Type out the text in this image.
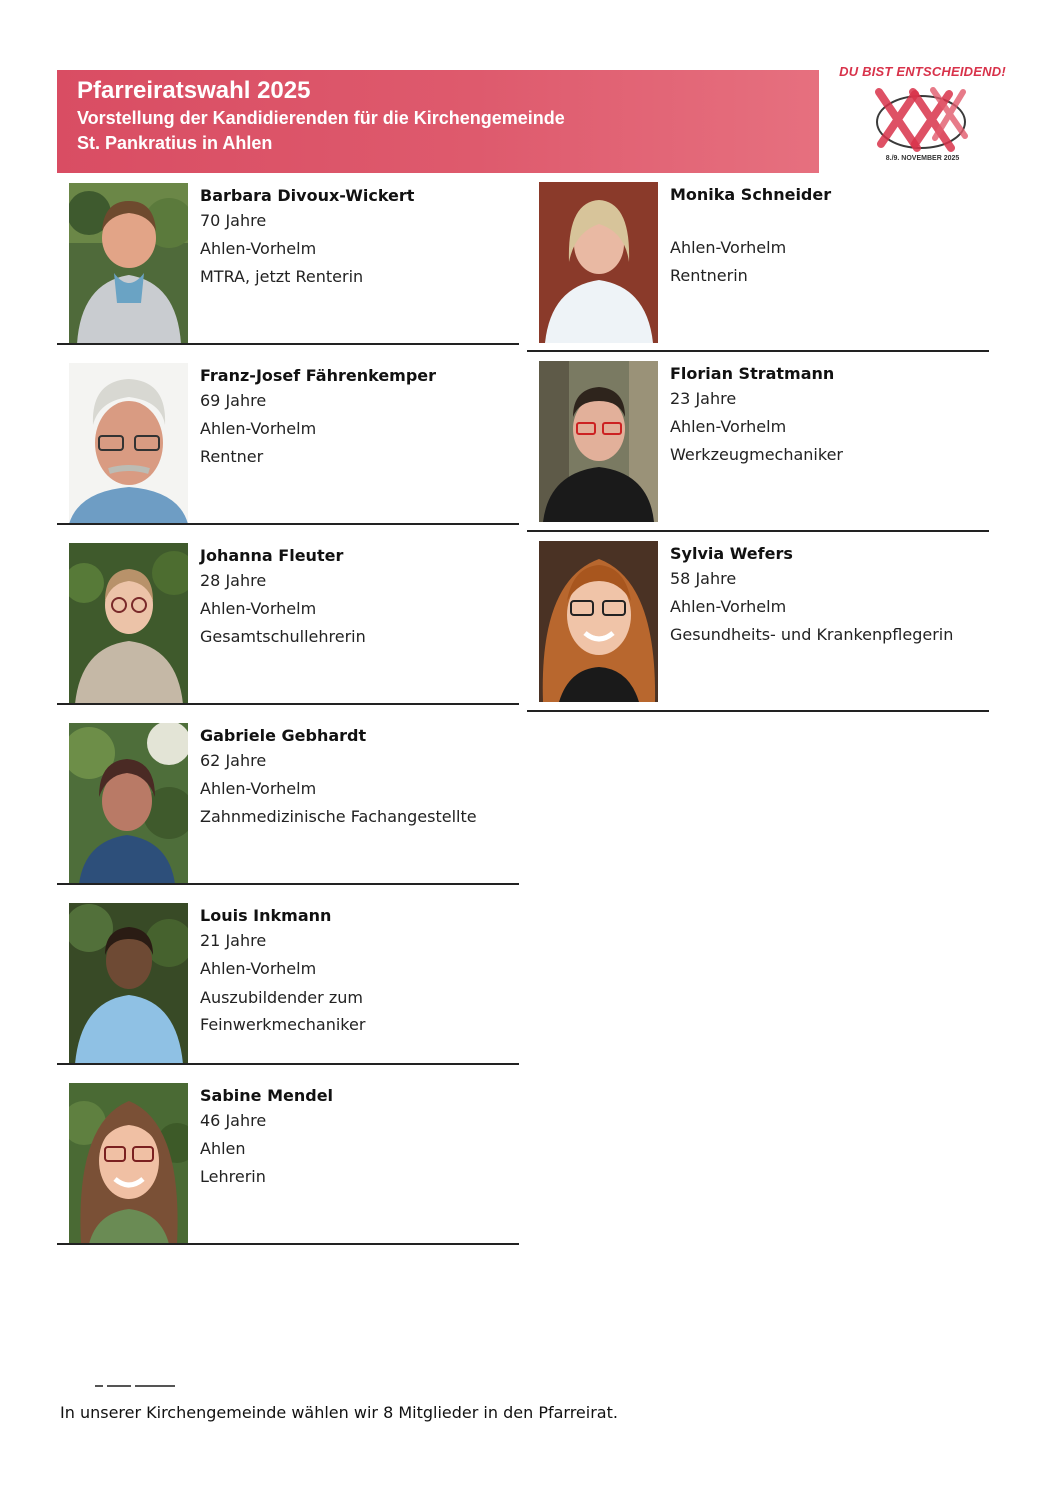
Pfarreiratswahl 2025
Vorstellung der Kandidierenden für die Kirchengemeinde
St. Pankratius in Ahlen
DU BIST ENTSCHEIDEND!
8./9. NOVEMBER 2025
Barbara Divoux-Wickert
70 Jahre
Ahlen-Vorhelm
MTRA, jetzt Renterin
Monika Schneider
Ahlen-Vorhelm
Rentnerin
Franz-Josef Fährenkemper
69 Jahre
Ahlen-Vorhelm
Rentner
Florian Stratmann
23 Jahre
Ahlen-Vorhelm
Werkzeugmechaniker
Johanna Fleuter
28 Jahre
Ahlen-Vorhelm
Gesamtschullehrerin
Sylvia Wefers
58 Jahre
Ahlen-Vorhelm
Gesundheits- und Krankenpflegerin
Gabriele Gebhardt
62 Jahre
Ahlen-Vorhelm
Zahnmedizinische Fachangestellte
Louis Inkmann
21 Jahre
Ahlen-Vorhelm
Auszubildender zum
Feinwerkmechaniker
Sabine Mendel
46 Jahre
Ahlen
Lehrerin
In unserer Kirchengemeinde wählen wir 8 Mitglieder in den Pfarreirat.
